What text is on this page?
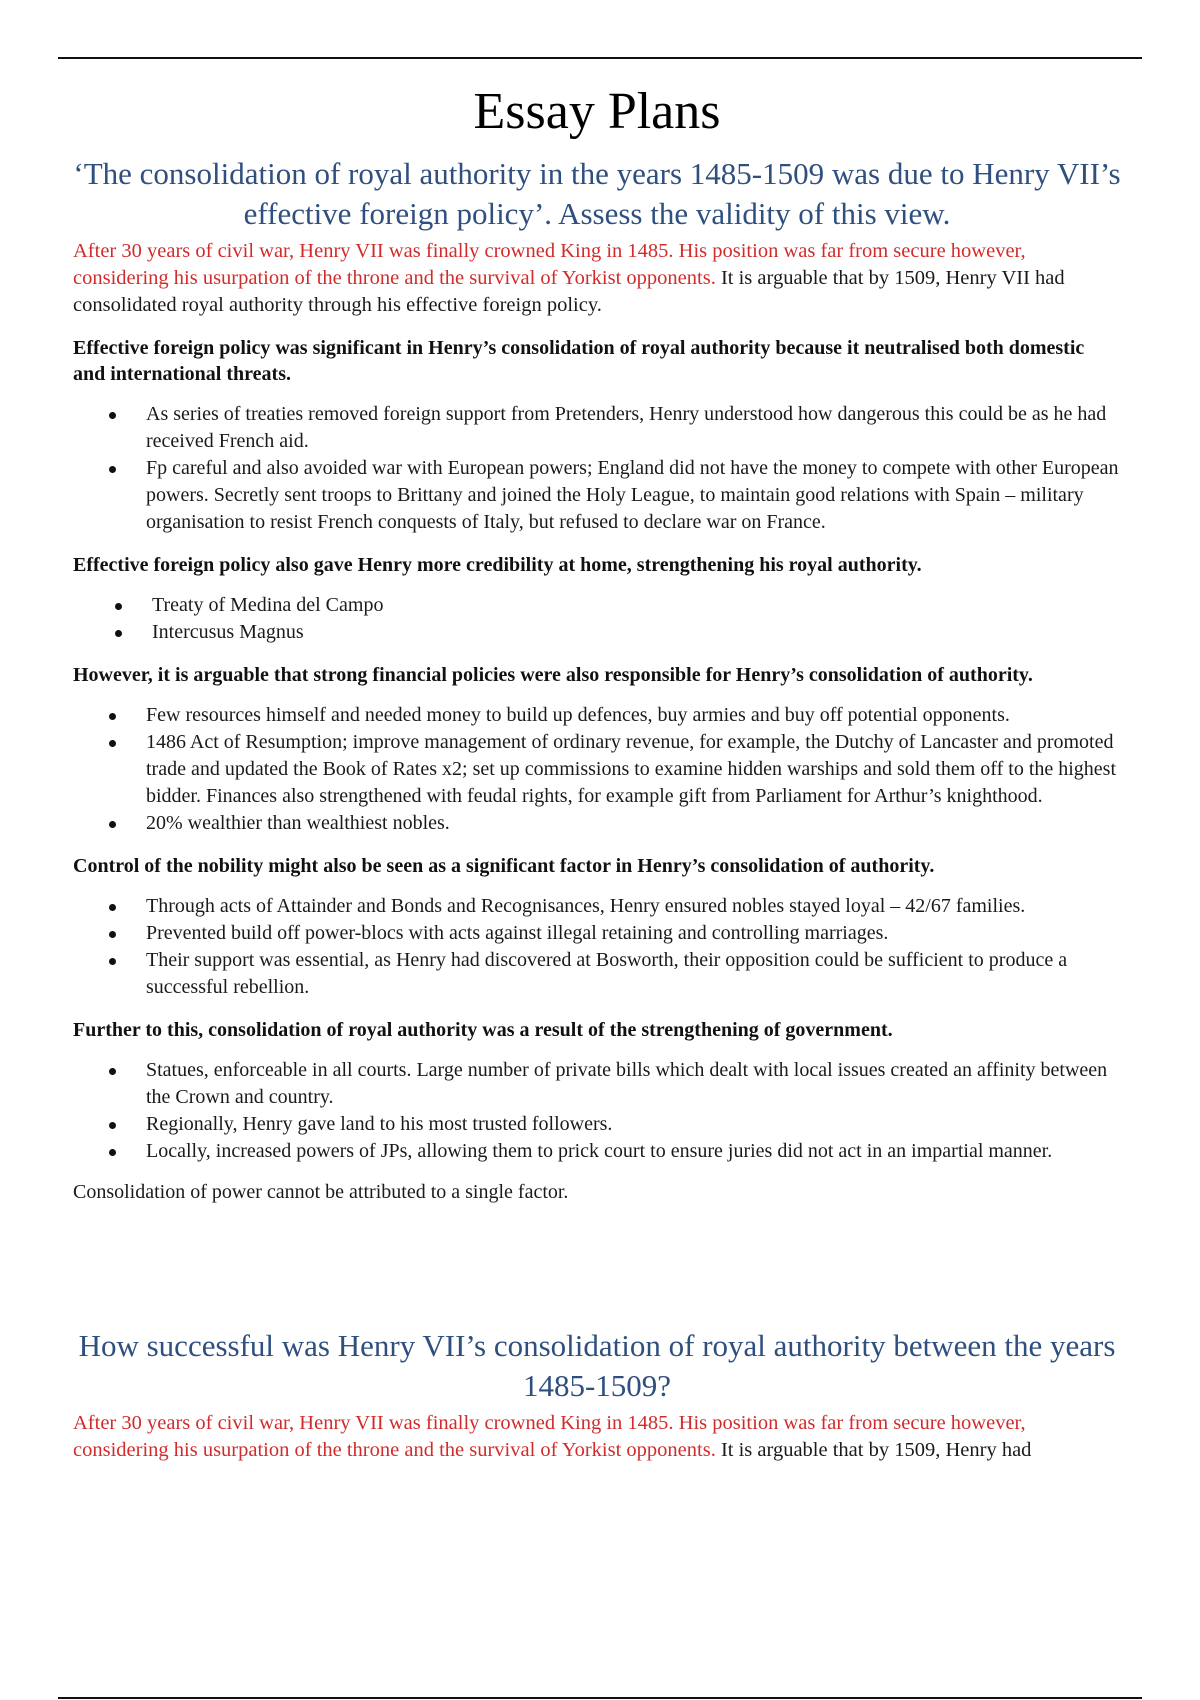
Essay Plans
‘The consolidation of royal authority in the years 1485-1509 was due to Henry VII’s effective foreign policy’. Assess the validity of this view.

After 30 years of civil war, Henry VII was finally crowned King in 1485. His position was far from secure however, considering his usurpation of the throne and the survival of Yorkist opponents. It is arguable that by 1509, Henry VII had consolidated royal authority through his effective foreign policy.

Effective foreign policy was significant in Henry’s consolidation of royal authority because it neutralised both domestic and international threats.

As series of treaties removed foreign support from Pretenders, Henry understood how dangerous this could be as he had received French aid.
Fp careful and also avoided war with European powers; England did not have the money to compete with other European powers. Secretly sent troops to Brittany and joined the Holy League, to maintain good relations with Spain – military organisation to resist French conquests of Italy, but refused to declare war on France.

Effective foreign policy also gave Henry more credibility at home, strengthening his royal authority.

Treaty of Medina del Campo
Intercusus Magnus

However, it is arguable that strong financial policies were also responsible for Henry’s consolidation of authority.

Few resources himself and needed money to build up defences, buy armies and buy off potential opponents.
1486 Act of Resumption; improve management of ordinary revenue, for example, the Dutchy of Lancaster and promoted trade and updated the Book of Rates x2; set up commissions to examine hidden warships and sold them off to the highest bidder. Finances also strengthened with feudal rights, for example gift from Parliament for Arthur’s knighthood.
20% wealthier than wealthiest nobles.

Control of the nobility might also be seen as a significant factor in Henry’s consolidation of authority.

Through acts of Attainder and Bonds and Recognisances, Henry ensured nobles stayed loyal – 42/67 families.
Prevented build off power-blocs with acts against illegal retaining and controlling marriages.
Their support was essential, as Henry had discovered at Bosworth, their opposition could be sufficient to produce a successful rebellion.

Further to this, consolidation of royal authority was a result of the strengthening of government.

Statues, enforceable in all courts. Large number of private bills which dealt with local issues created an affinity between the Crown and country.
Regionally, Henry gave land to his most trusted followers.
Locally, increased powers of JPs, allowing them to prick court to ensure juries did not act in an impartial manner.

Consolidation of power cannot be attributed to a single factor.

How successful was Henry VII’s consolidation of royal authority between the years 1485-1509?

After 30 years of civil war, Henry VII was finally crowned King in 1485. His position was far from secure however, considering his usurpation of the throne and the survival of Yorkist opponents. It is arguable that by 1509, Henry had
